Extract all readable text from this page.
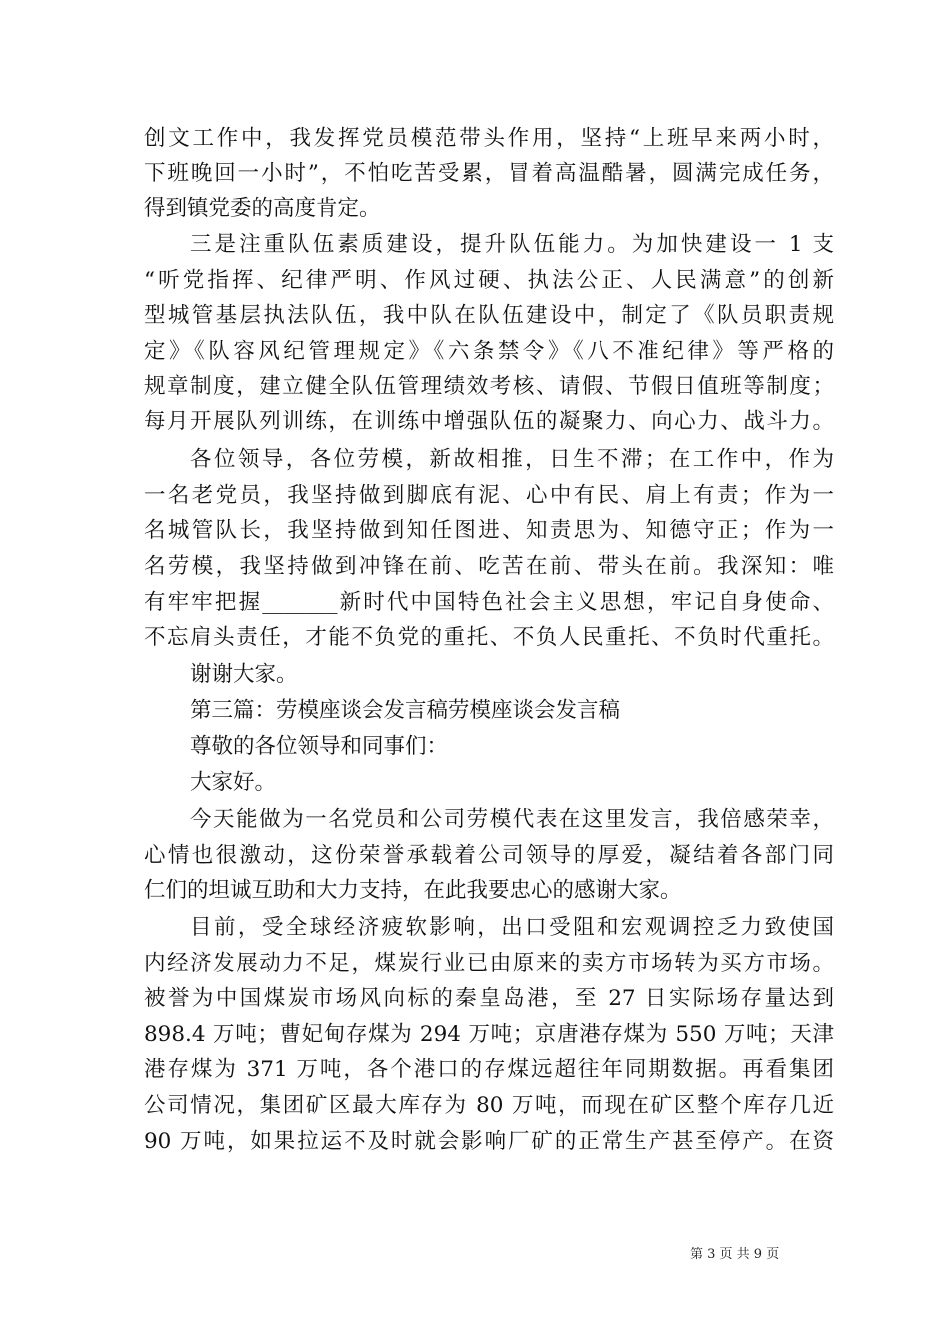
创文工作中，我发挥党员模范带头作用，坚持“上班早来两小时，
下班晚回一小时”，不怕吃苦受累，冒着高温酷暑，圆满完成任务，
得到镇党委的高度肯定。
三是注重队伍素质建设，提升队伍能力。为加快建设一 1 支
“听党指挥、纪律严明、作风过硬、执法公正、人民满意”的创新
型城管基层执法队伍，我中队在队伍建设中，制定了《队员职责规
定》《队容风纪管理规定》《六条禁令》《八不准纪律》等严格的
规章制度，建立健全队伍管理绩效考核、请假、节假日值班等制度；
每月开展队列训练，在训练中增强队伍的凝聚力、向心力、战斗力。
各位领导，各位劳模，新故相推，日生不滞；在工作中，作为
一名老党员，我坚持做到脚底有泥、心中有民、肩上有责；作为一
名城管队长，我坚持做到知任图进、知责思为、知德守正；作为一
名劳模，我坚持做到冲锋在前、吃苦在前、带头在前。我深知：唯
有牢牢把握_______新时代中国特色社会主义思想，牢记自身使命、
不忘肩头责任，才能不负党的重托、不负人民重托、不负时代重托。
谢谢大家。
第三篇：劳模座谈会发言稿劳模座谈会发言稿
尊敬的各位领导和同事们：
大家好。
今天能做为一名党员和公司劳模代表在这里发言，我倍感荣幸，
心情也很激动，这份荣誉承载着公司领导的厚爱，凝结着各部门同
仁们的坦诚互助和大力支持，在此我要忠心的感谢大家。
目前，受全球经济疲软影响，出口受阻和宏观调控乏力致使国
内经济发展动力不足，煤炭行业已由原来的卖方市场转为买方市场。
被誉为中国煤炭市场风向标的秦皇岛港，至 27 日实际场存量达到
898.4 万吨；曹妃甸存煤为 294 万吨；京唐港存煤为 550 万吨；天津
港存煤为 371 万吨，各个港口的存煤远超往年同期数据。再看集团
公司情况，集团矿区最大库存为 80 万吨，而现在矿区整个库存几近
90 万吨，如果拉运不及时就会影响厂矿的正常生产甚至停产。在资
第 3 页 共 9 页
